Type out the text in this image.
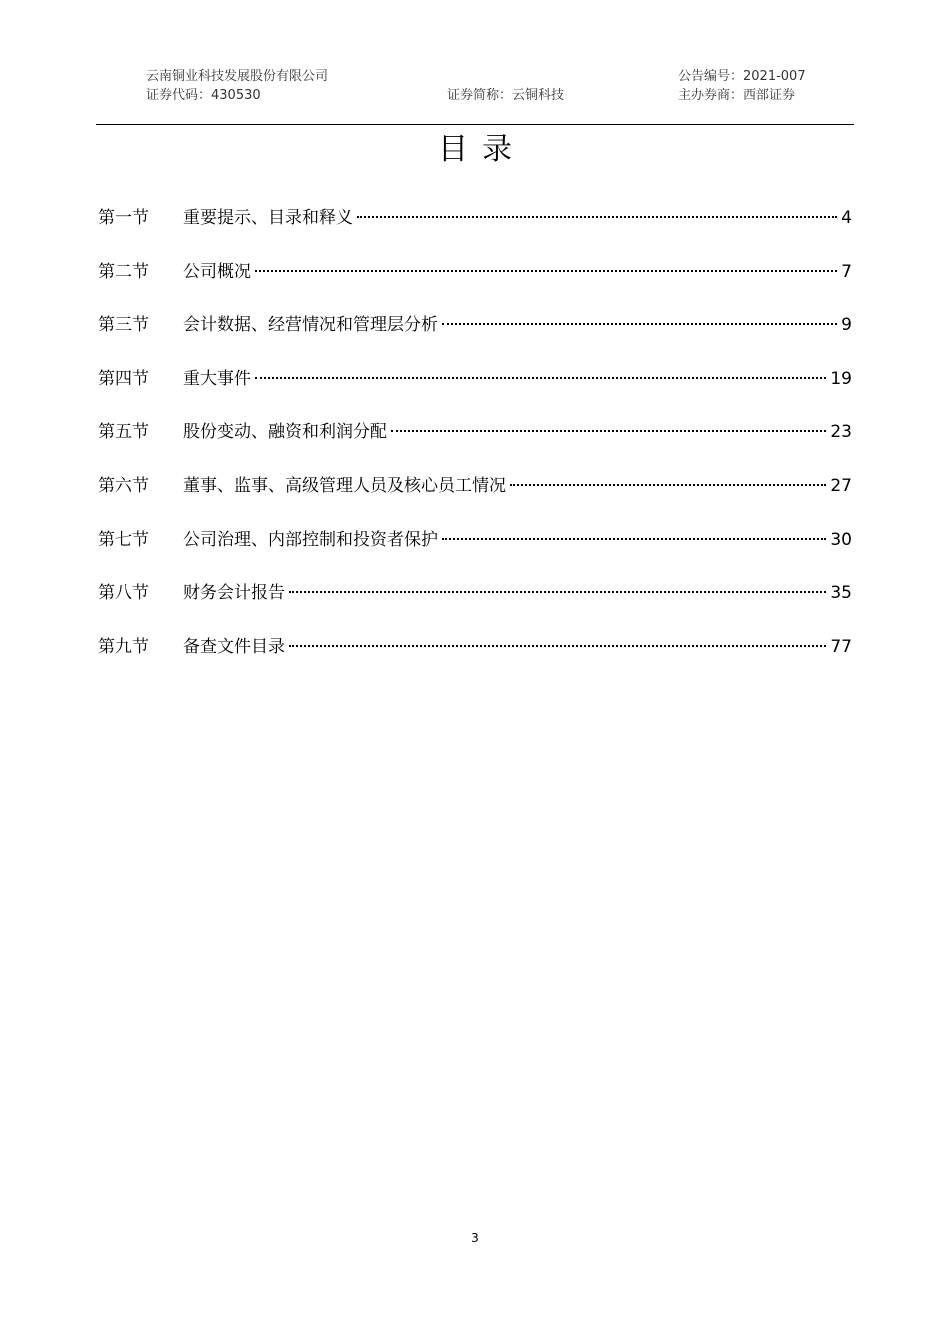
云南铜业科技发展股份有限公司	公告编号：2021-007
证券代码：430530	证券简称：云铜科技	主办券商：西部证券
目录
第一节	重要提示、目录和释义	4
第二节	公司概况	7
第三节	会计数据、经营情况和管理层分析	9
第四节	重大事件	19
第五节	股份变动、融资和利润分配	23
第六节	董事、监事、高级管理人员及核心员工情况	27
第七节	公司治理、内部控制和投资者保护	30
第八节	财务会计报告	35
第九节	备查文件目录	77
3
